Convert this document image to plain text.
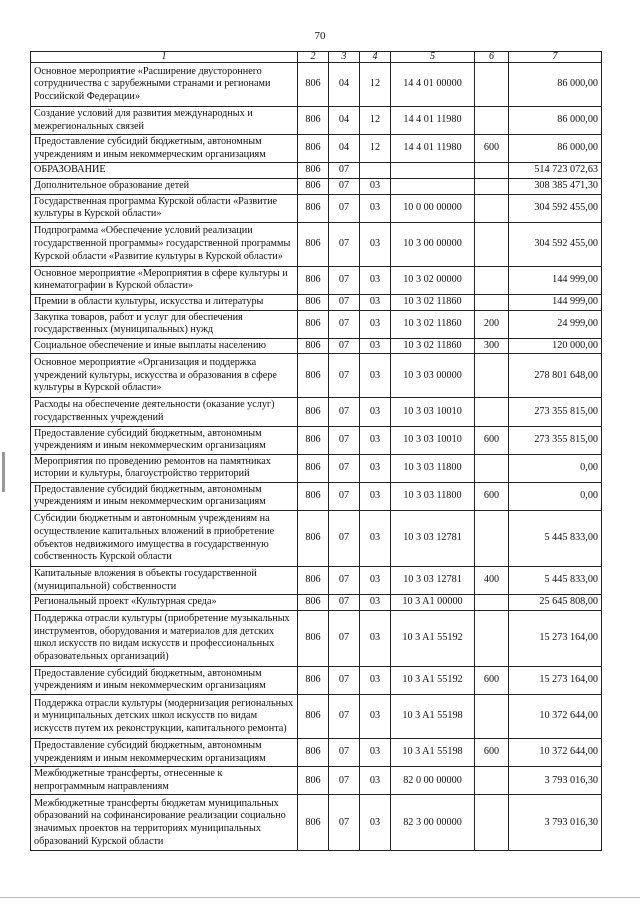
70
1	2	3	4	5	6	7
Основное мероприятие «Расширение двустороннего сотрудничества с зарубежными странами и регионами Российской Федерации»	806	04	12	14 4 01 00000		86 000,00
Создание условий для развития международных и межрегиональных связей	806	04	12	14 4 01 11980		86 000,00
Предоставление субсидий бюджетным, автономным учреждениям и иным некоммерческим организациям	806	04	12	14 4 01 11980	600	86 000,00
ОБРАЗОВАНИЕ	806	07				514 723 072,63
Дополнительное образование детей	806	07	03			308 385 471,30
Государственная программа Курской области «Развитие культуры в Курской области»	806	07	03	10 0 00 00000		304 592 455,00
Подпрограмма «Обеспечение условий реализации государственной программы» государственной программы Курской области «Развитие культуры в Курской области»	806	07	03	10 3 00 00000		304 592 455,00
Основное мероприятие «Мероприятия в сфере культуры и кинематографии в Курской области»	806	07	03	10 3 02 00000		144 999,00
Премии в области культуры, искусства и литературы	806	07	03	10 3 02 11860		144 999,00
Закупка товаров, работ и услуг для обеспечения государственных (муниципальных) нужд	806	07	03	10 3 02 11860	200	24 999,00
Социальное обеспечение и иные выплаты населению	806	07	03	10 3 02 11860	300	120 000,00
Основное мероприятие «Организация и поддержка учреждений культуры, искусства и образования в сфере культуры в Курской области»	806	07	03	10 3 03 00000		278 801 648,00
Расходы на обеспечение деятельности (оказание услуг) государственных учреждений	806	07	03	10 3 03 10010		273 355 815,00
Предоставление субсидий бюджетным, автономным учреждениям и иным некоммерческим организациям	806	07	03	10 3 03 10010	600	273 355 815,00
Мероприятия по проведению ремонтов на памятниках истории и культуры, благоустройство территорий	806	07	03	10 3 03 11800		0,00
Предоставление субсидий бюджетным, автономным учреждениям и иным некоммерческим организациям	806	07	03	10 3 03 11800	600	0,00
Субсидии бюджетным и автономным учреждениям на осуществление капитальных вложений в приобретение объектов недвижимого имущества в государственную собственность Курской области	806	07	03	10 3 03 12781		5 445 833,00
Капитальные вложения в объекты государственной (муниципальной) собственности	806	07	03	10 3 03 12781	400	5 445 833,00
Региональный проект «Культурная среда»	806	07	03	10 3 A1 00000		25 645 808,00
Поддержка отрасли культуры (приобретение музыкальных инструментов, оборудования и материалов для детских школ искусств по видам искусств и профессиональных образовательных организаций)	806	07	03	10 3 A1 55192		15 273 164,00
Предоставление субсидий бюджетным, автономным учреждениям и иным некоммерческим организациям	806	07	03	10 3 A1 55192	600	15 273 164,00
Поддержка отрасли культуры (модернизация региональных и муниципальных детских школ искусств по видам искусств путем их реконструкции, капитального ремонта)	806	07	03	10 3 A1 55198		10 372 644,00
Предоставление субсидий бюджетным, автономным учреждениям и иным некоммерческим организациям	806	07	03	10 3 A1 55198	600	10 372 644,00
Межбюджетные трансферты, отнесенные к непрограммным направлениям	806	07	03	82 0 00 00000		3 793 016,30
Межбюджетные трансферты бюджетам муниципальных образований на софинансирование реализации социально значимых проектов на территориях муниципальных образований Курской области	806	07	03	82 3 00 00000		3 793 016,30
